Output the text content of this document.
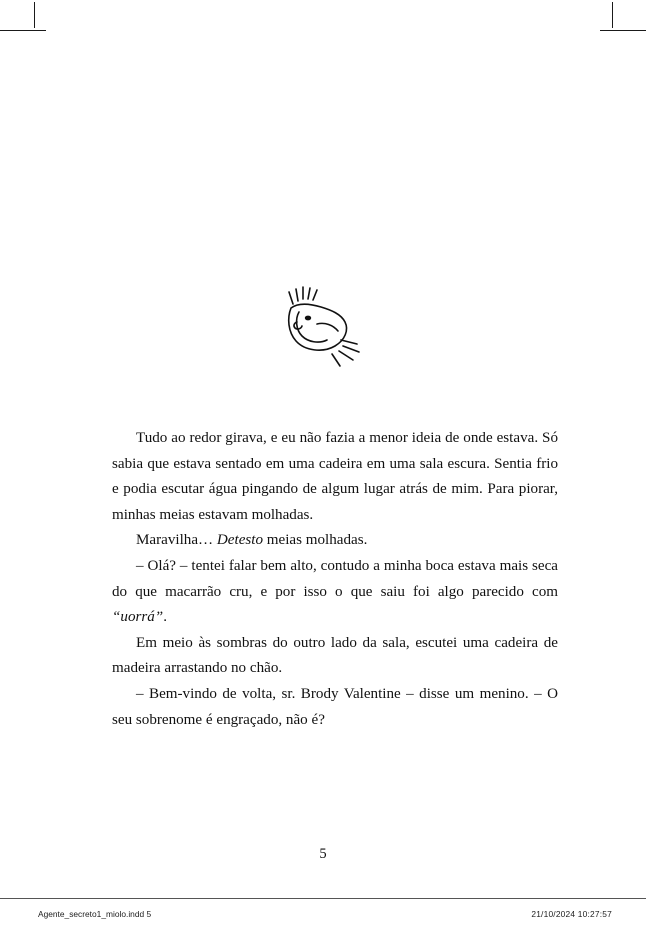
Tudo ao redor girava, e eu não fazia a menor ideia de onde estava. Só sabia que estava sentado em uma cadeira em uma sala escura. Sentia frio e podia escutar água pingando de algum lugar atrás de mim. Para piorar, minhas meias estavam molhadas.

Maravilha… Detesto meias molhadas.

– Olá? – tentei falar bem alto, contudo a minha boca estava mais seca do que macarrão cru, e por isso o que saiu foi algo parecido com “uorrá”.

Em meio às sombras do outro lado da sala, escutei uma cadeira de madeira arrastando no chão.

– Bem-vindo de volta, sr. Brody Valentine – disse um menino. – O seu sobrenome é engraçado, não é?

5
Agente_secreto1_miolo.indd 5	21/10/2024 10:27:57
